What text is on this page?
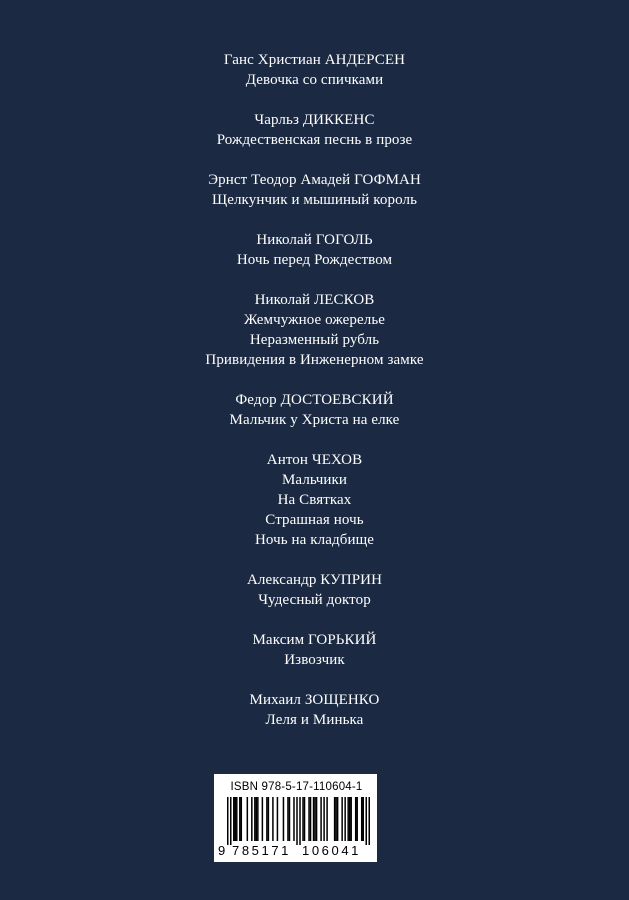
Ганс Христиан АНДЕРСЕН
Девочка со спичками
Чарльз ДИККЕНС
Рождественская песнь в прозе
Эрнст Теодор Амадей ГОФМАН
Щелкунчик и мышиный король
Николай ГОГОЛЬ
Ночь перед Рождеством
Николай ЛЕСКОВ
Жемчужное ожерелье
Неразменный рубль
Привидения в Инженерном замке
Федор ДОСТОЕВСКИЙ
Мальчик у Христа на елке
Антон ЧЕХОВ
Мальчики
На Святках
Страшная ночь
Ночь на кладбище
Александр КУПРИН
Чудесный доктор
Максим ГОРЬКИЙ
Извозчик
Михаил ЗОЩЕНКО
Леля и Минька
ISBN 978-5-17-110604-1
9 785171 106041
